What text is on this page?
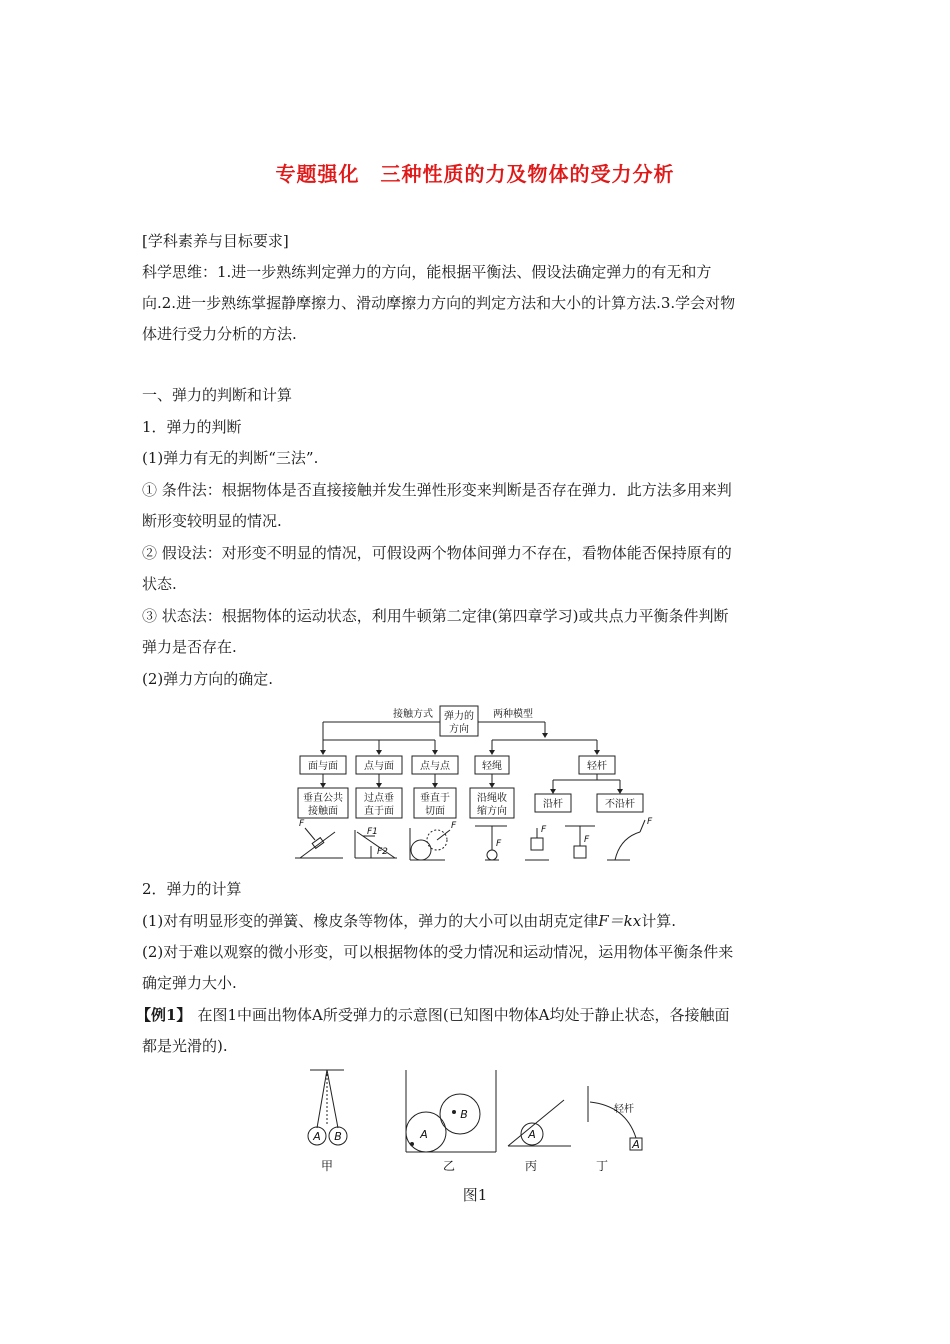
专题强化　三种性质的力及物体的受力分析
[学科素养与目标要求]
科学思维：1.进一步熟练判定弹力的方向，能根据平衡法、假设法确定弹力的有无和方
向.2.进一步熟练掌握静摩擦力、滑动摩擦力方向的判定方法和大小的计算方法.3.学会对物
体进行受力分析的方法.
一、弹力的判断和计算
1．弹力的判断
(1)弹力有无的判断“三法”.
① 条件法：根据物体是否直接接触并发生弹性形变来判断是否存在弹力．此方法多用来判
断形变较明显的情况.
② 假设法：对形变不明显的情况，可假设两个物体间弹力不存在，看物体能否保持原有的
状态.
③ 状态法：根据物体的运动状态，利用牛顿第二定律(第四章学习)或共点力平衡条件判断
弹力是否存在.
(2)弹力方向的确定.
弹力的
方向
接触方式	两种模型
面与面	点与面	点与点	轻绳	轻杆
垂直公共
接触面
过点垂
直于面
垂直于
切面
沿绳收
缩方向
沿杆	不沿杆
F
F1
F2
F
F
F
F
F
2．弹力的计算
(1)对有明显形变的弹簧、橡皮条等物体，弹力的大小可以由胡克定律F＝kx计算.
(2)对于难以观察的微小形变，可以根据物体的受力情况和运动情况，运用物体平衡条件来
确定弹力大小.
【例1】 在图1中画出物体A所受弹力的示意图(已知图中物体A均处于静止状态，各接触面
都是光滑的).
A B	A
B
A
A
轻杆
甲	乙	丙	丁
图1
